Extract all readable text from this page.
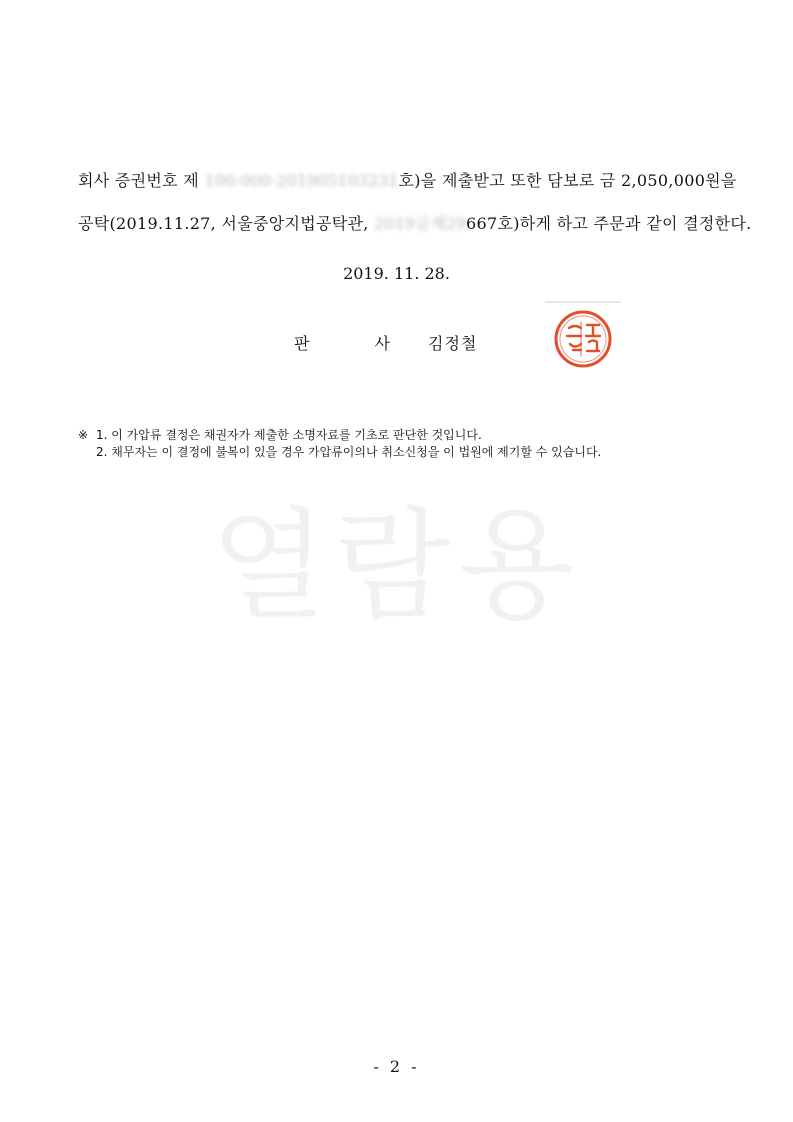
회사 증권번호 제 100-000-201905103231호)을 제출받고 또한 담보로 금 2,050,000원을
공탁(2019.11.27, 서울중앙지법공탁관, 2019금제29667호)하게 하고 주문과 같이 결정한다.
2019. 11. 28.
판 사 김정철
※ 1. 이 가압류 결정은 채권자가 제출한 소명자료를 기초로 판단한 것입니다.
2. 채무자는 이 결정에 불복이 있을 경우 가압류이의나 취소신청을 이 법원에 제기할 수 있습니다.
열람용
- 2 -
